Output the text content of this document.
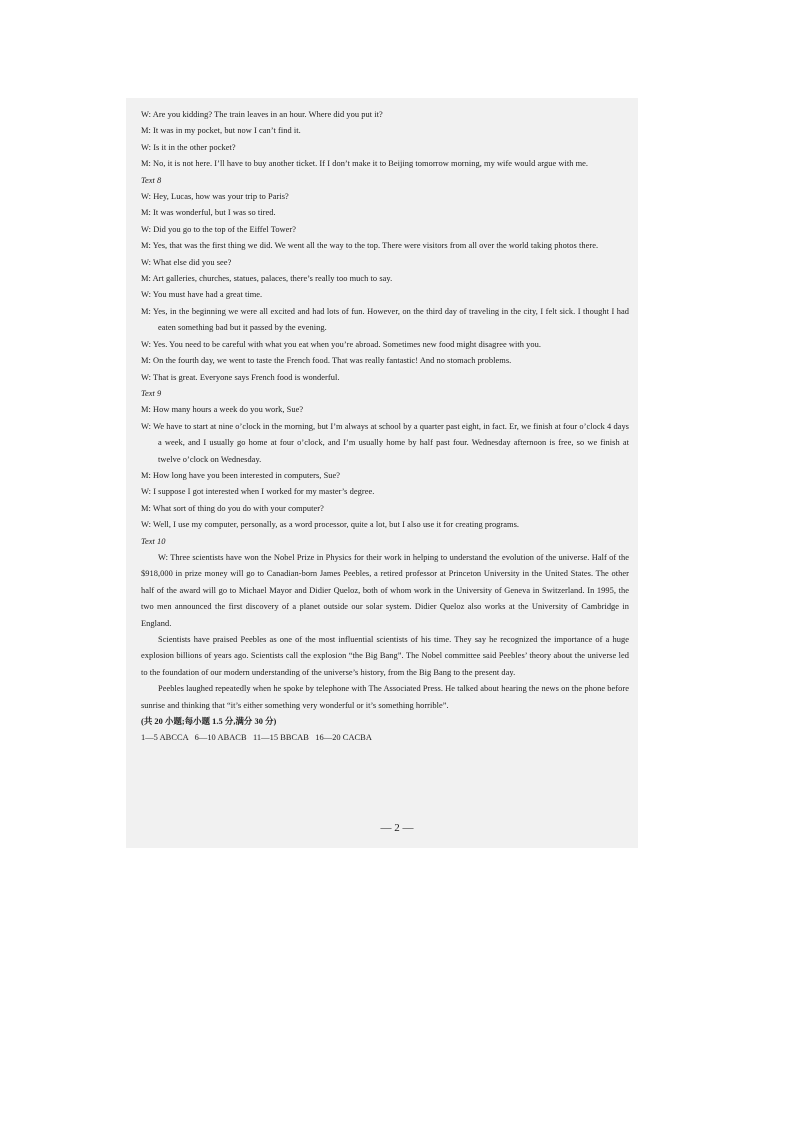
W: Are you kidding? The train leaves in an hour. Where did you put it?
M: It was in my pocket, but now I can’t find it.
W: Is it in the other pocket?
M: No, it is not here. I’ll have to buy another ticket. If I don’t make it to Beijing tomorrow morning, my wife would argue with me.
Text 8
W: Hey, Lucas, how was your trip to Paris?
M: It was wonderful, but I was so tired.
W: Did you go to the top of the Eiffel Tower?
M: Yes, that was the first thing we did. We went all the way to the top. There were visitors from all over the world taking photos there.
W: What else did you see?
M: Art galleries, churches, statues, palaces, there’s really too much to say.
W: You must have had a great time.
M: Yes, in the beginning we were all excited and had lots of fun. However, on the third day of traveling in the city, I felt sick. I thought I had eaten something bad but it passed by the evening.
W: Yes. You need to be careful with what you eat when you’re abroad. Sometimes new food might disagree with you.
M: On the fourth day, we went to taste the French food. That was really fantastic! And no stomach problems.
W: That is great. Everyone says French food is wonderful.
Text 9
M: How many hours a week do you work, Sue?
W: We have to start at nine o’clock in the morning, but I’m always at school by a quarter past eight, in fact. Er, we finish at four o’clock 4 days a week, and I usually go home at four o’clock, and I’m usually home by half past four. Wednesday afternoon is free, so we finish at twelve o’clock on Wednesday.
M: How long have you been interested in computers, Sue?
W: I suppose I got interested when I worked for my master’s degree.
M: What sort of thing do you do with your computer?
W: Well, I use my computer, personally, as a word processor, quite a lot, but I also use it for creating programs.
Text 10
W: Three scientists have won the Nobel Prize in Physics for their work in helping to understand the evolution of the universe. Half of the $918,000 in prize money will go to Canadian-born James Peebles, a retired professor at Princeton University in the United States. The other half of the award will go to Michael Mayor and Didier Queloz, both of whom work in the University of Geneva in Switzerland. In 1995, the two men announced the first discovery of a planet outside our solar system. Didier Queloz also works at the University of Cambridge in England.
Scientists have praised Peebles as one of the most influential scientists of his time. They say he recognized the importance of a huge explosion billions of years ago. Scientists call the explosion “the Big Bang”. The Nobel committee said Peebles’ theory about the universe led to the foundation of our modern understanding of the universe’s history, from the Big Bang to the present day.
Peebles laughed repeatedly when he spoke by telephone with The Associated Press. He talked about hearing the news on the phone before sunrise and thinking that “it’s either something very wonderful or it’s something horrible”.
(共 20 小题;每小题 1.5 分,满分 30 分)
1—5 ABCCA   6—10 ABACB   11—15 BBCAB   16—20 CACBA
— 2 —
